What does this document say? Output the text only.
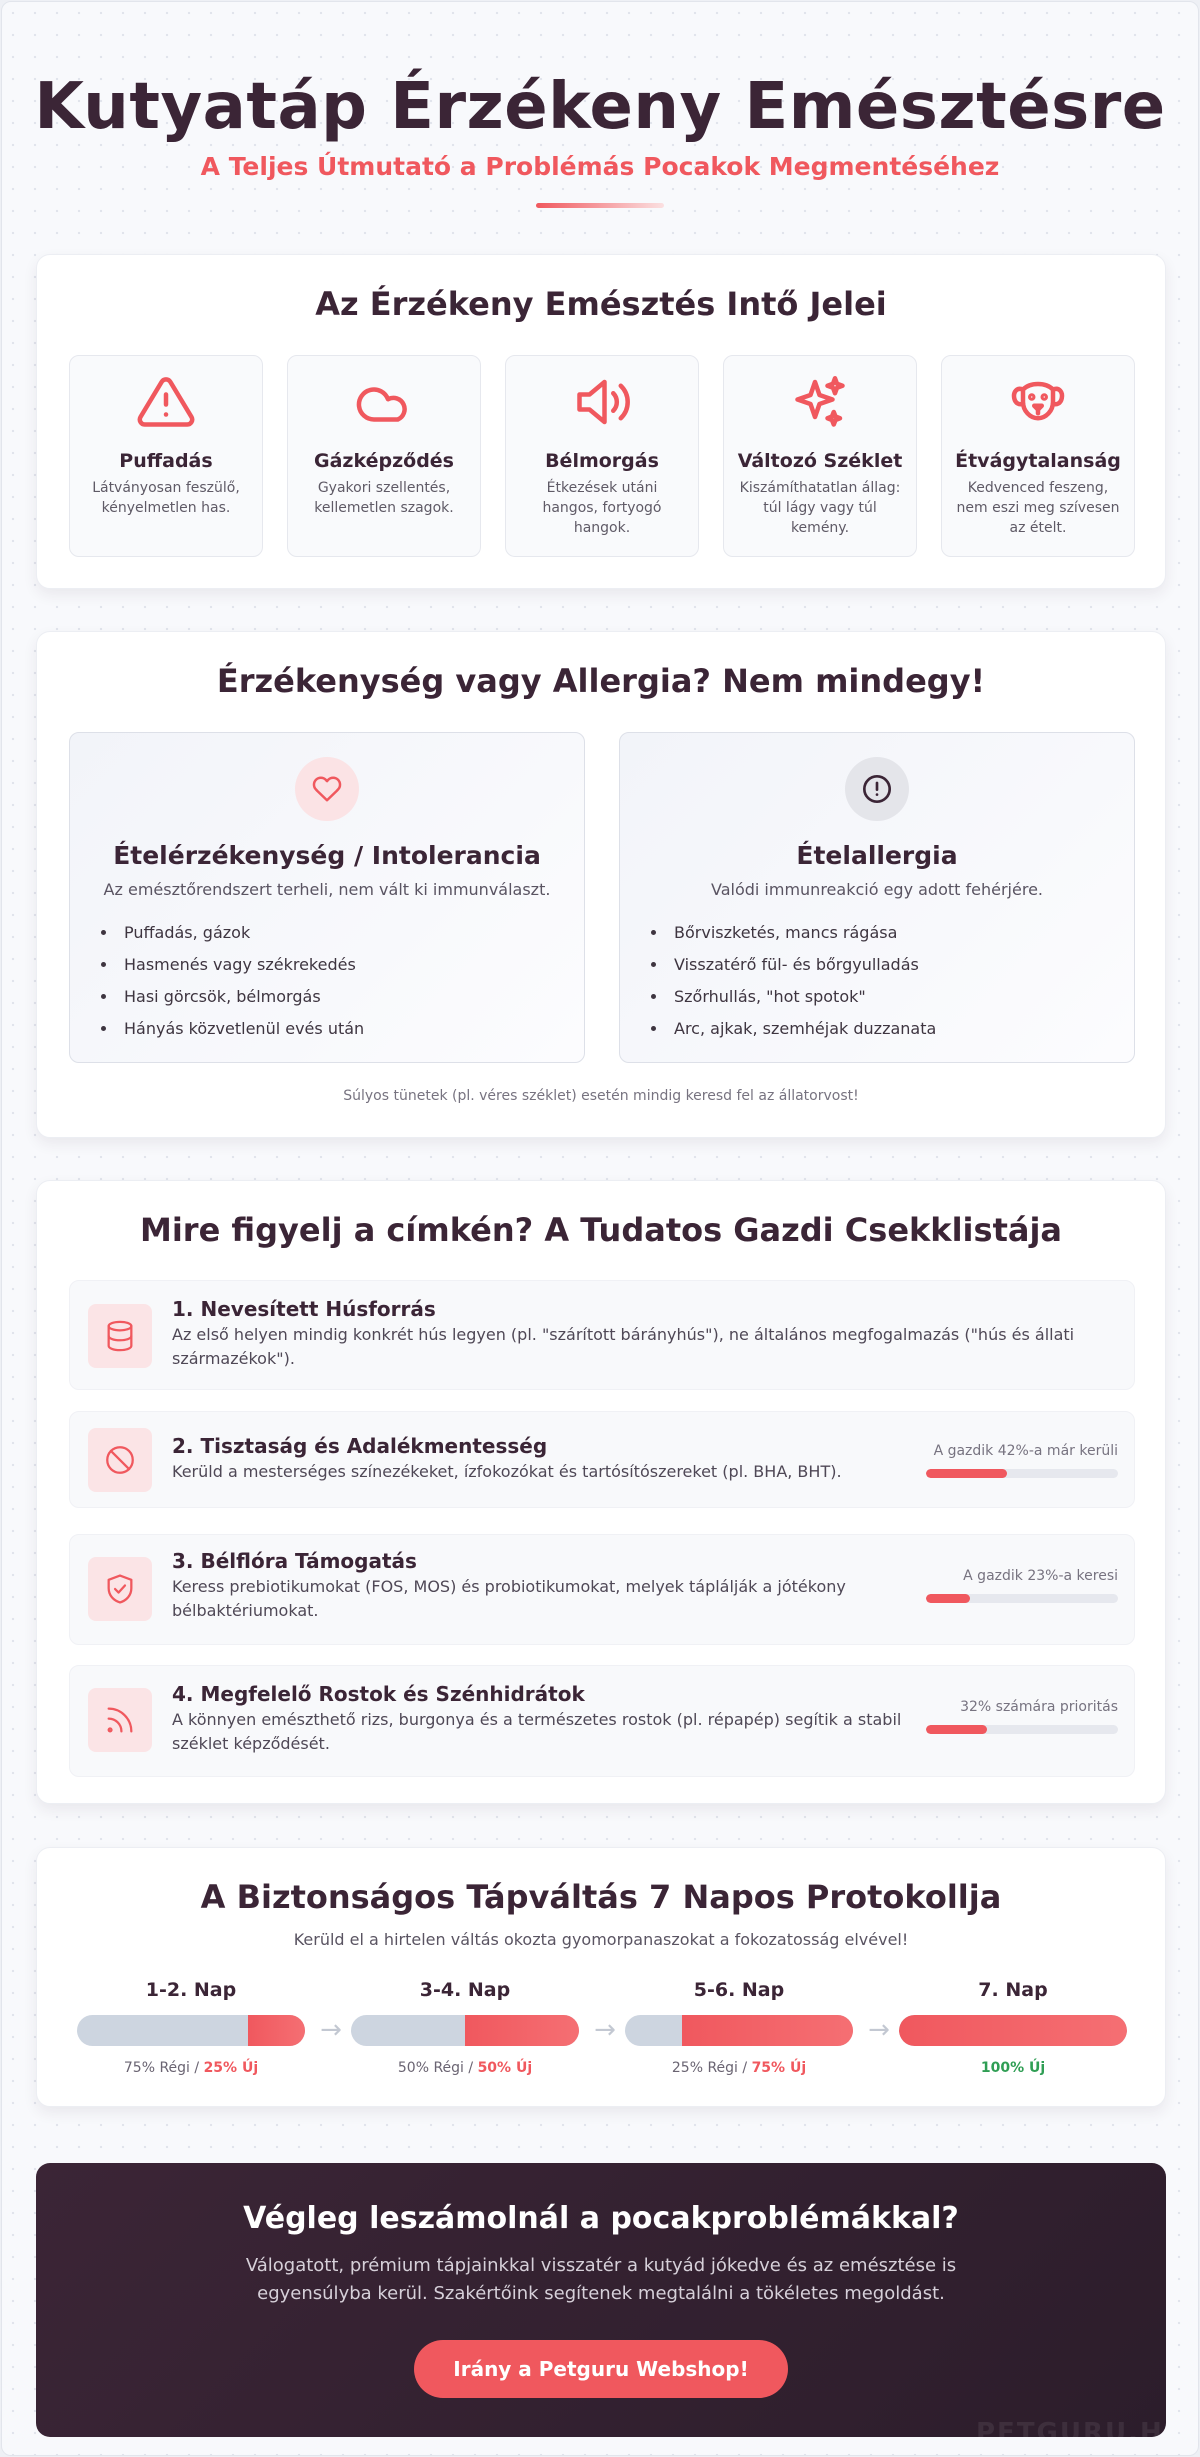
Kutyatáp Érzékeny Emésztésre
A Teljes Útmutató a Problémás Pocakok Megmentéséhez
Az Érzékeny Emésztés Intő Jelei
Puffadás
Látványosan feszülő, kényelmetlen has.
Gázképződés
Gyakori szellentés, kellemetlen szagok.
Bélmorgás
Étkezések utáni hangos, fortyogó hangok.
Változó Széklet
Kiszámíthatatlan állag: túl lágy vagy túl kemény.
Étvágytalanság
Kedvenced feszeng, nem eszi meg szívesen az ételt.
Érzékenység vagy Allergia? Nem mindegy!
Ételérzékenység / Intolerancia
Az emésztőrendszert terheli, nem vált ki immunválaszt.
• Puffadás, gázok
• Hasmenés vagy székrekedés
• Hasi görcsök, bélmorgás
• Hányás közvetlenül evés után
Ételallergia
Valódi immunreakció egy adott fehérjére.
• Bőrviszketés, mancs rágása
• Visszatérő fül- és bőrgyulladás
• Szőrhullás, "hot spotok"
• Arc, ajkak, szemhéjak duzzanata
Súlyos tünetek (pl. véres széklet) esetén mindig keresd fel az állatorvost!
Mire figyelj a címkén? A Tudatos Gazdi Csekklistája
1. Nevesített Húsforrás
Az első helyen mindig konkrét hús legyen (pl. "szárított bárányhús"), ne általános megfogalmazás ("hús és állati származékok").
2. Tisztaság és Adalékmentesség
Kerüld a mesterséges színezékeket, ízfokozókat és tartósítószereket (pl. BHA, BHT).
A gazdik 42%-a már kerüli
3. Bélflóra Támogatás
Keress prebiotikumokat (FOS, MOS) és probiotikumokat, melyek táplálják a jótékony bélbaktériumokat.
A gazdik 23%-a keresi
4. Megfelelő Rostok és Szénhidrátok
A könnyen emészthető rizs, burgonya és a természetes rostok (pl. répapép) segítik a stabil széklet képződését.
32% számára prioritás
A Biztonságos Tápváltás 7 Napos Protokollja
Kerüld el a hirtelen váltás okozta gyomorpanaszokat a fokozatosság elvével!
1-2. Nap
75% Régi / 25% Új
→
3-4. Nap
50% Régi / 50% Új
→
5-6. Nap
25% Régi / 75% Új
→
7. Nap
100% Új
Végleg leszámolnál a pocakproblémákkal?

Válogatott, prémium tápjainkkal visszatér a kutyád jókedve és az emésztése is egyensúlyba kerül. Szakértőink segítenek megtalálni a tökéletes megoldást.

Irány a Petguru Webshop!
PETGURU.HU
